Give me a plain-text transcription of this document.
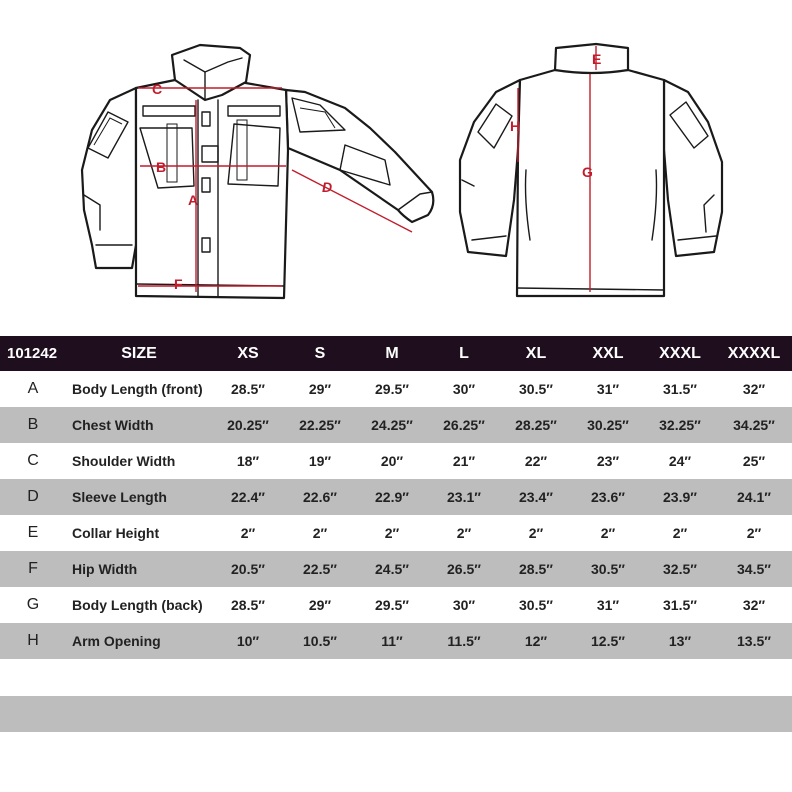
C
B
A
F
D
E
G
H
101242	SIZE	XS	S	M	L	XL	XXL	XXXL	XXXXL
A	Body Length (front)	28.5″	29″	29.5″	30″	30.5″	31″	31.5″	32″
B	Chest Width	20.25″	22.25″	24.25″	26.25″	28.25″	30.25″	32.25″	34.25″
C	Shoulder Width	18″	19″	20″	21″	22″	23″	24″	25″
D	Sleeve Length	22.4″	22.6″	22.9″	23.1″	23.4″	23.6″	23.9″	24.1″
E	Collar Height	2″	2″	2″	2″	2″	2″	2″	2″
F	Hip Width	20.5″	22.5″	24.5″	26.5″	28.5″	30.5″	32.5″	34.5″
G	Body Length (back)	28.5″	29″	29.5″	30″	30.5″	31″	31.5″	32″
H	Arm Opening	10″	10.5″	11″	11.5″	12″	12.5″	13″	13.5″
